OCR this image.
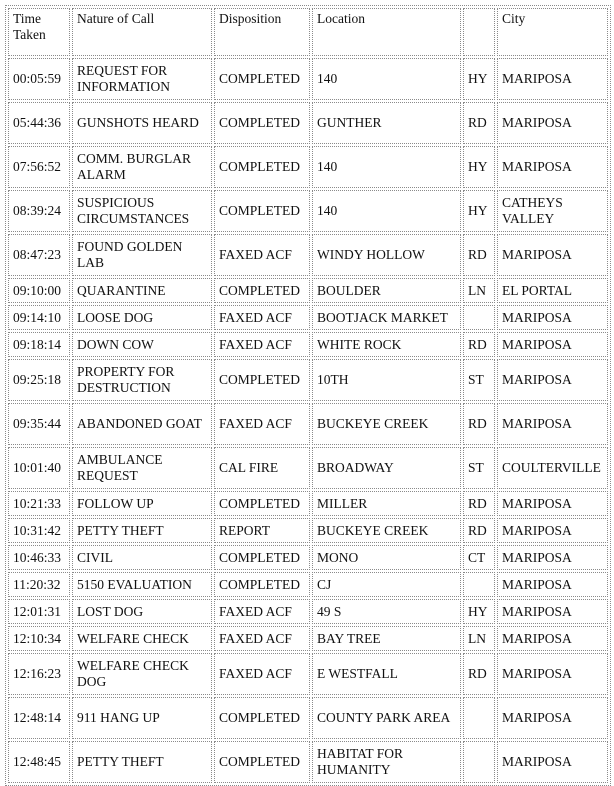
Time Taken	Nature of Call	Disposition	Location		City
00:05:59	REQUEST FOR INFORMATION	COMPLETED	140	HY	MARIPOSA
05:44:36	GUNSHOTS HEARD	COMPLETED	GUNTHER	RD	MARIPOSA
07:56:52	COMM. BURGLAR ALARM	COMPLETED	140	HY	MARIPOSA
08:39:24	SUSPICIOUS CIRCUMSTANCES	COMPLETED	140	HY	CATHEYS VALLEY
08:47:23	FOUND GOLDEN LAB	FAXED ACF	WINDY HOLLOW	RD	MARIPOSA
09:10:00	QUARANTINE	COMPLETED	BOULDER	LN	EL PORTAL
09:14:10	LOOSE DOG	FAXED ACF	BOOTJACK MARKET		MARIPOSA
09:18:14	DOWN COW	FAXED ACF	WHITE ROCK	RD	MARIPOSA
09:25:18	PROPERTY FOR DESTRUCTION	COMPLETED	10TH	ST	MARIPOSA
09:35:44	ABANDONED GOAT	FAXED ACF	BUCKEYE CREEK	RD	MARIPOSA
10:01:40	AMBULANCE REQUEST	CAL FIRE	BROADWAY	ST	COULTERVILLE
10:21:33	FOLLOW UP	COMPLETED	MILLER	RD	MARIPOSA
10:31:42	PETTY THEFT	REPORT	BUCKEYE CREEK	RD	MARIPOSA
10:46:33	CIVIL	COMPLETED	MONO	CT	MARIPOSA
11:20:32	5150 EVALUATION	COMPLETED	CJ		MARIPOSA
12:01:31	LOST DOG	FAXED ACF	49 S	HY	MARIPOSA
12:10:34	WELFARE CHECK	FAXED ACF	BAY TREE	LN	MARIPOSA
12:16:23	WELFARE CHECK DOG	FAXED ACF	E WESTFALL	RD	MARIPOSA
12:48:14	911 HANG UP	COMPLETED	COUNTY PARK AREA		MARIPOSA
12:48:45	PETTY THEFT	COMPLETED	HABITAT FOR HUMANITY		MARIPOSA
